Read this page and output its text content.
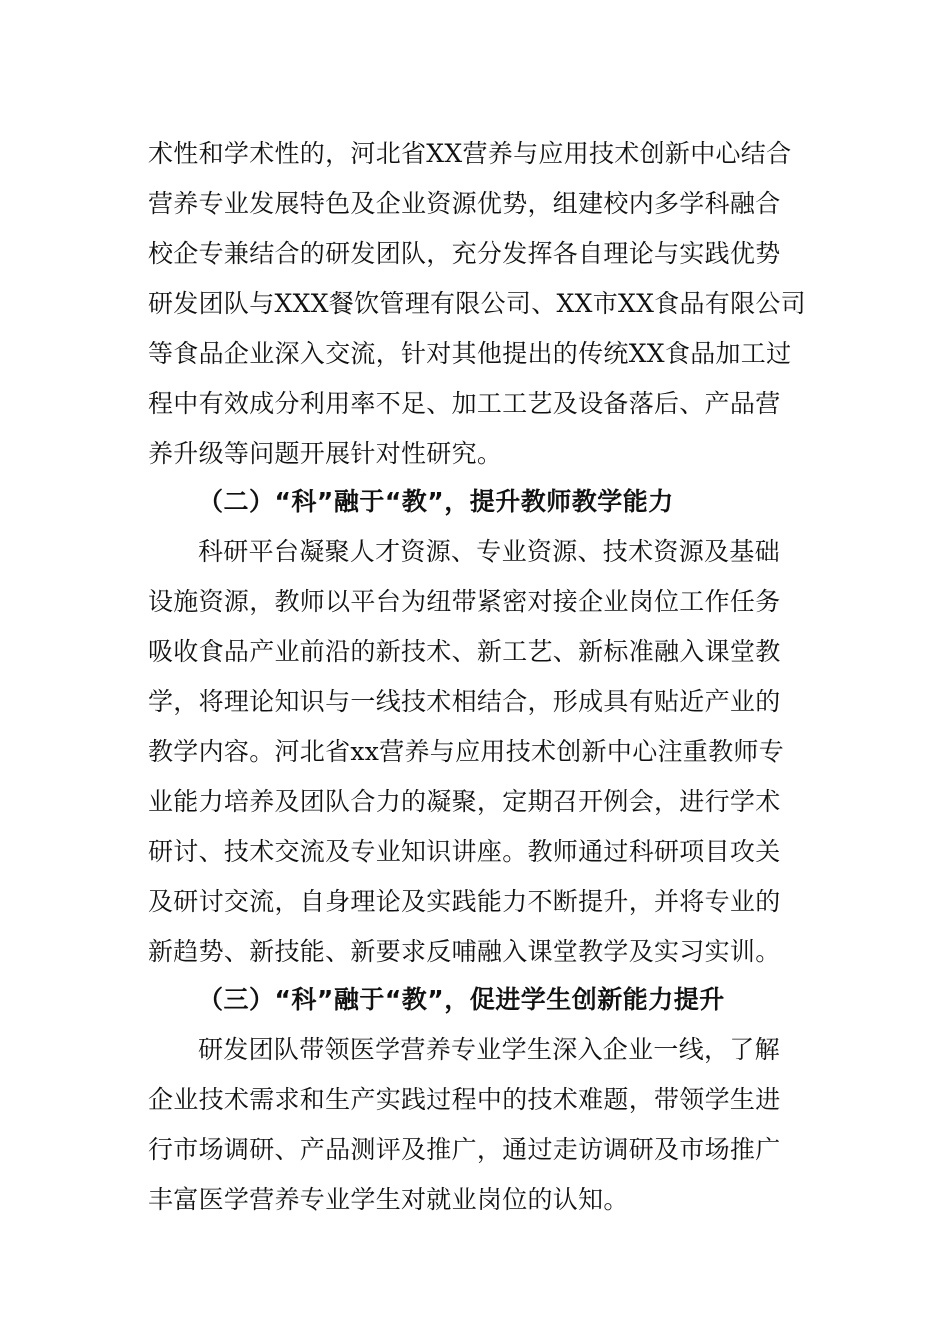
术性和学术性的，河北省XX营养与应用技术创新中心结合
营养专业发展特色及企业资源优势，组建校内多学科融合
校企专兼结合的研发团队，充分发挥各自理论与实践优势
研发团队与XXX餐饮管理有限公司、XX市XX食品有限公司
等食品企业深入交流，针对其他提出的传统XX食品加工过
程中有效成分利用率不足、加工工艺及设备落后、产品营
养升级等问题开展针对性研究。
（二）“科”融于“教”，提升教师教学能力
科研平台凝聚人才资源、专业资源、技术资源及基础
设施资源，教师以平台为纽带紧密对接企业岗位工作任务
吸收食品产业前沿的新技术、新工艺、新标准融入课堂教
学，将理论知识与一线技术相结合，形成具有贴近产业的
教学内容。河北省xx营养与应用技术创新中心注重教师专
业能力培养及团队合力的凝聚，定期召开例会，进行学术
研讨、技术交流及专业知识讲座。教师通过科研项目攻关
及研讨交流，自身理论及实践能力不断提升，并将专业的
新趋势、新技能、新要求反哺融入课堂教学及实习实训。
（三）“科”融于“教”，促进学生创新能力提升
研发团队带领医学营养专业学生深入企业一线，了解
企业技术需求和生产实践过程中的技术难题，带领学生进
行市场调研、产品测评及推广，通过走访调研及市场推广
丰富医学营养专业学生对就业岗位的认知。
